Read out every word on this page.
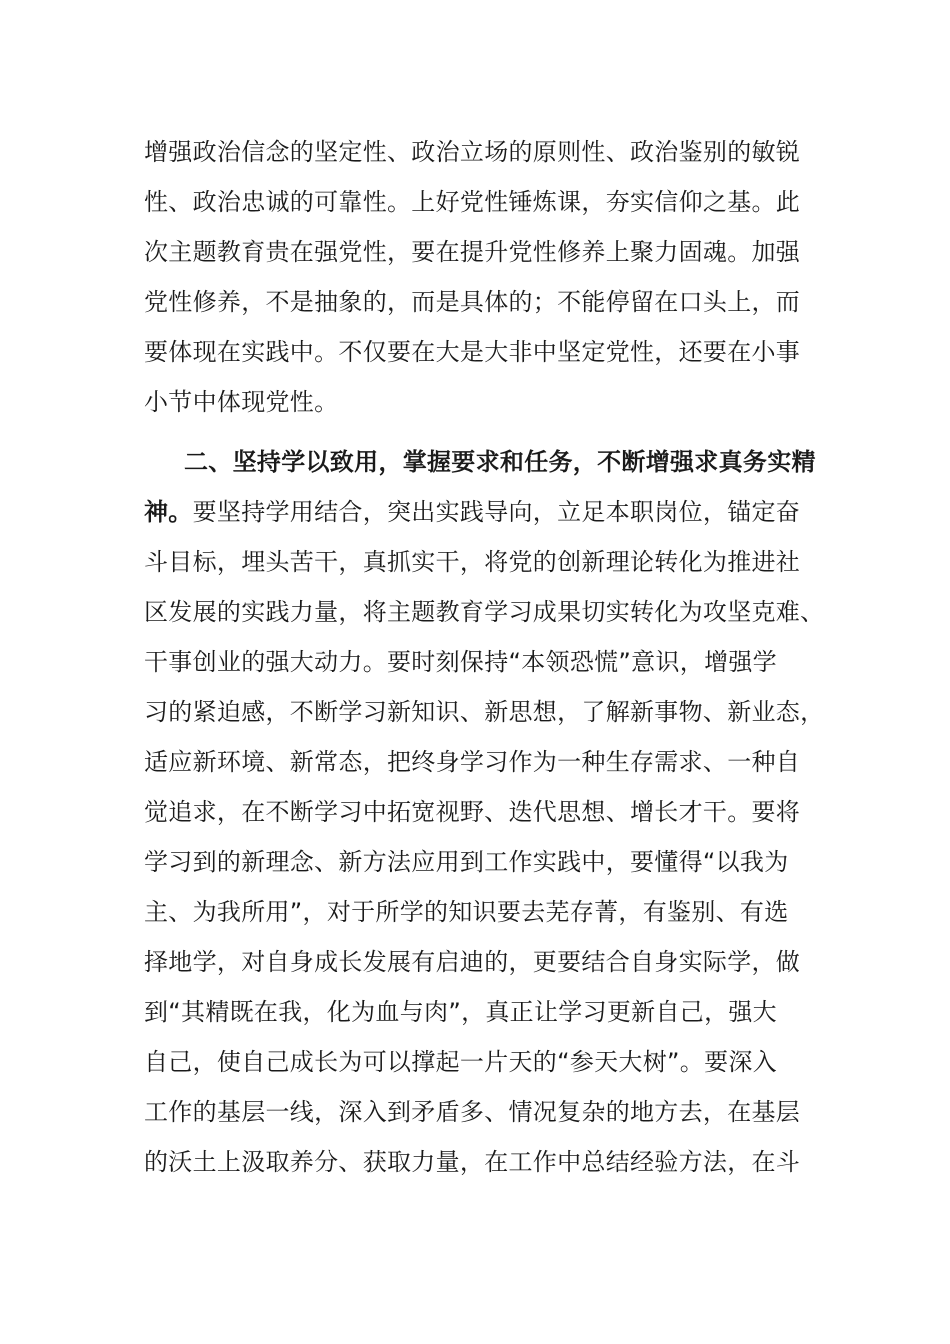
增强政治信念的坚定性、政治立场的原则性、政治鉴别的敏锐
性、政治忠诚的可靠性。上好党性锤炼课，夯实信仰之基。此
次主题教育贵在强党性，要在提升党性修养上聚力固魂。加强
党性修养，不是抽象的，而是具体的；不能停留在口头上，而
要体现在实践中。不仅要在大是大非中坚定党性，还要在小事
小节中体现党性。
二、坚持学以致用，掌握要求和任务，不断增强求真务实精
神。要坚持学用结合，突出实践导向，立足本职岗位，锚定奋
斗目标，埋头苦干，真抓实干，将党的创新理论转化为推进社
区发展的实践力量，将主题教育学习成果切实转化为攻坚克难、
干事创业的强大动力。要时刻保持“本领恐慌”意识，增强学
习的紧迫感，不断学习新知识、新思想，了解新事物、新业态，
适应新环境、新常态，把终身学习作为一种生存需求、一种自
觉追求，在不断学习中拓宽视野、迭代思想、增长才干。要将
学习到的新理念、新方法应用到工作实践中，要懂得“以我为
主、为我所用”，对于所学的知识要去芜存菁，有鉴别、有选
择地学，对自身成长发展有启迪的，更要结合自身实际学，做
到“其精既在我，化为血与肉”，真正让学习更新自己，强大
自己，使自己成长为可以撑起一片天的“参天大树”。要深入
工作的基层一线，深入到矛盾多、情况复杂的地方去，在基层
的沃土上汲取养分、获取力量，在工作中总结经验方法，在斗
